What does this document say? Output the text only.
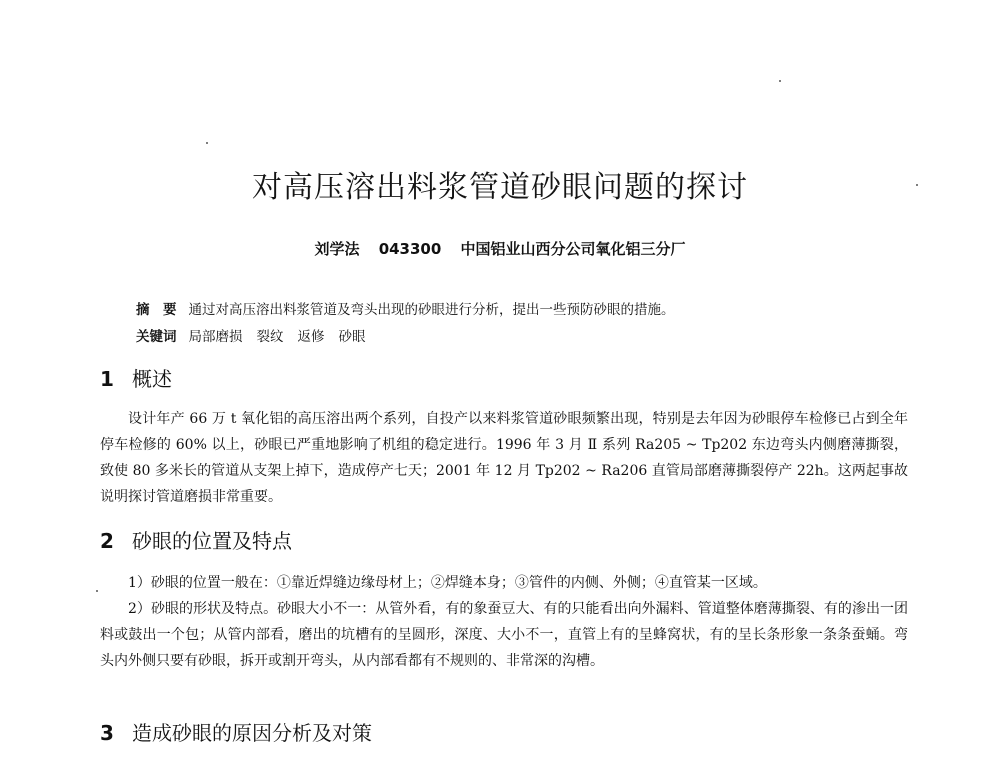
对高压溶出料浆管道砂眼问题的探讨
刘学法 043300 中国铝业山西分公司氧化铝三分厂
摘　要 通过对高压溶出料浆管道及弯头出现的砂眼进行分析，提出一些预防砂眼的措施。
关键词 局部磨损 裂纹 返修 砂眼
1 概述

设计年产 66 万 t 氧化铝的高压溶出两个系列，自投产以来料浆管道砂眼频繁出现，特别是去年因为砂眼停车检修已占到全年停车检修的 60% 以上，砂眼已严重地影响了机组的稳定进行。1996 年 3 月 Ⅱ 系列 Ra205 ~ Tp202 东边弯头内侧磨薄撕裂，致使 80 多米长的管道从支架上掉下，造成停产七天；2001 年 12 月 Tp202 ~ Ra206 直管局部磨薄撕裂停产 22h。这两起事故说明探讨管道磨损非常重要。

2 砂眼的位置及特点

1）砂眼的位置一般在：①靠近焊缝边缘母材上；②焊缝本身；③管件的内侧、外侧；④直管某一区域。

2）砂眼的形状及特点。砂眼大小不一：从管外看，有的象蚕豆大、有的只能看出向外漏料、管道整体磨薄撕裂、有的渗出一团料或鼓出一个包；从管内部看，磨出的坑槽有的呈圆形，深度、大小不一，直管上有的呈蜂窝状，有的呈长条形象一条条蚕蛹。弯头内外侧只要有砂眼，拆开或割开弯头，从内部看都有不规则的、非常深的沟槽。

3 造成砂眼的原因分析及对策
